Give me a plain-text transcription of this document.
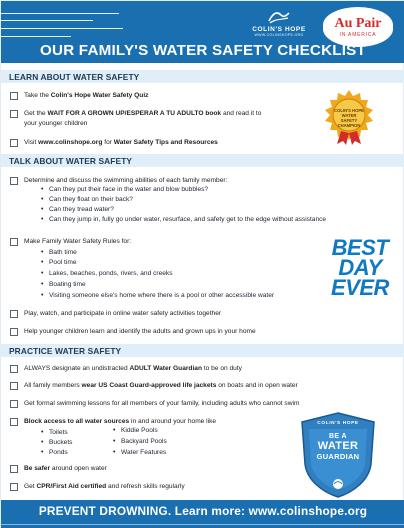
COLIN'S HOPE
WWW.COLINSHOPE.ORG
Au Pair
IN AMERICA
OUR FAMILY'S WATER SAFETY CHECKLIST
LEARN ABOUT WATER SAFETY
Take the Colin's Hope Water Safety Quiz
Get the WAIT FOR A GROWN UP/ESPERAR A TU ADULTO book and read it to
your younger children
Visit www.colinshope.org for Water Safety Tips and Resources
COLIN'S HOPE
WATER
SAFETY
CHAMPION
TALK ABOUT WATER SAFETY
Determine and discuss the swimming abilities of each family member:
• Can they put their face in the water and blow bubbles?
• Can they float on their back?
• Can they tread water?
• Can they jump in, fully go under water, resurface, and safety get to the edge without assistance
Make Family Water Safety Rules for:
• Bath time
• Pool time
• Lakes, beaches, ponds, rivers, and creeks
• Boating time
• Visiting someone else's home where there is a pool or other accessible water
Play, watch, and participate in online water safety activities together
Help younger children learn and identify the adults and grown ups in your home
BEST
DAY
EVER
PRACTICE WATER SAFETY
ALWAYS designate an undistracted ADULT Water Guardian to be on duty
All family members wear US Coast Guard-approved life jackets on boats and in open water
Get formal swimming lessons for all members of your family, including adults who cannot swim
Block access to all water sources in and around your home like
• Toilets
• Buckets
• Ponds
• Kiddie Pools
• Backyard Pools
• Water Features
Be safer around open water
Get CPR/First Aid certified and refresh skills regularly
COLIN'S HOPE
BE A
WATER
GUARDIAN
PREVENT DROWNING. Learn more: www.colinshope.org
